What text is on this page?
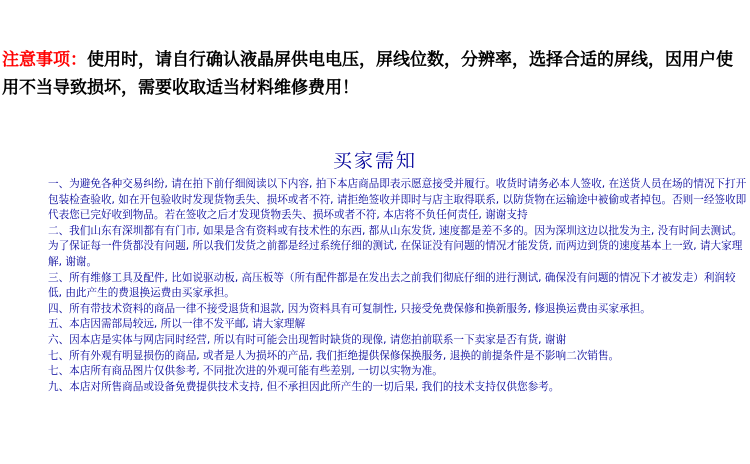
注意事项：使用时，请自行确认液晶屏供电电压，屏线位数，分辨率，选择合适的屏线，因用户使用不当导致损坏，需要收取适当材料维修费用！
买家需知

一、为避免各种交易纠纷, 请在拍下前仔细阅读以下内容, 拍下本店商品即表示愿意接受并履行。收货时请务必本人签收, 在送货人员在场的情况下打开包装检查验收, 如在开包验收时发现货物丢失、损坏或者不符, 请拒绝签收并即时与店主取得联系, 以防货物在运输途中被偷或者掉包。否则一经签收即代表您已完好收到物品。若在签收之后才发现货物丢失、损坏或者不符, 本店将不负任何责任, 谢谢支持

二、我们山东有深圳都有有门市, 如果是含有资料或有技术性的东西, 都从山东发货, 速度都是差不多的。因为深圳这边以批发为主, 没有时间去测试。为了保证每一件货都没有问题, 所以我们发货之前都是经过系统仔细的测试, 在保证没有问题的情况才能发货, 而两边到货的速度基本上一致, 请大家理解, 谢谢。

三、所有维修工具及配件, 比如说驱动板, 高压板等（所有配件都是在发出去之前我们彻底仔细的进行测试, 确保没有问题的情况下才被发走）利润较低, 由此产生的费退换运费由买家承担。

四、所有带技术资料的商品一律不接受退货和退款, 因为资料具有可复制性, 只接受免费保修和换新服务, 修退换运费由买家承担。

五、本店因需部局较远, 所以一律不发平邮, 请大家理解

六、因本店是实体与网店同时经营, 所以有时可能会出现暂时缺货的现像, 请您拍前联系一下卖家是否有货, 谢谢

七、所有外观有明显损伤的商品, 或者是人为损坏的产品, 我们拒绝提供保修保换服务, 退换的前提条件是不影响二次销售。

七、本店所有商品图片仅供参考, 不同批次进的外观可能有些差别, 一切以实物为准。

九、本店对所售商品或设备免费提供技术支持, 但不承担因此所产生的一切后果, 我们的技术支持仅供您参考。
